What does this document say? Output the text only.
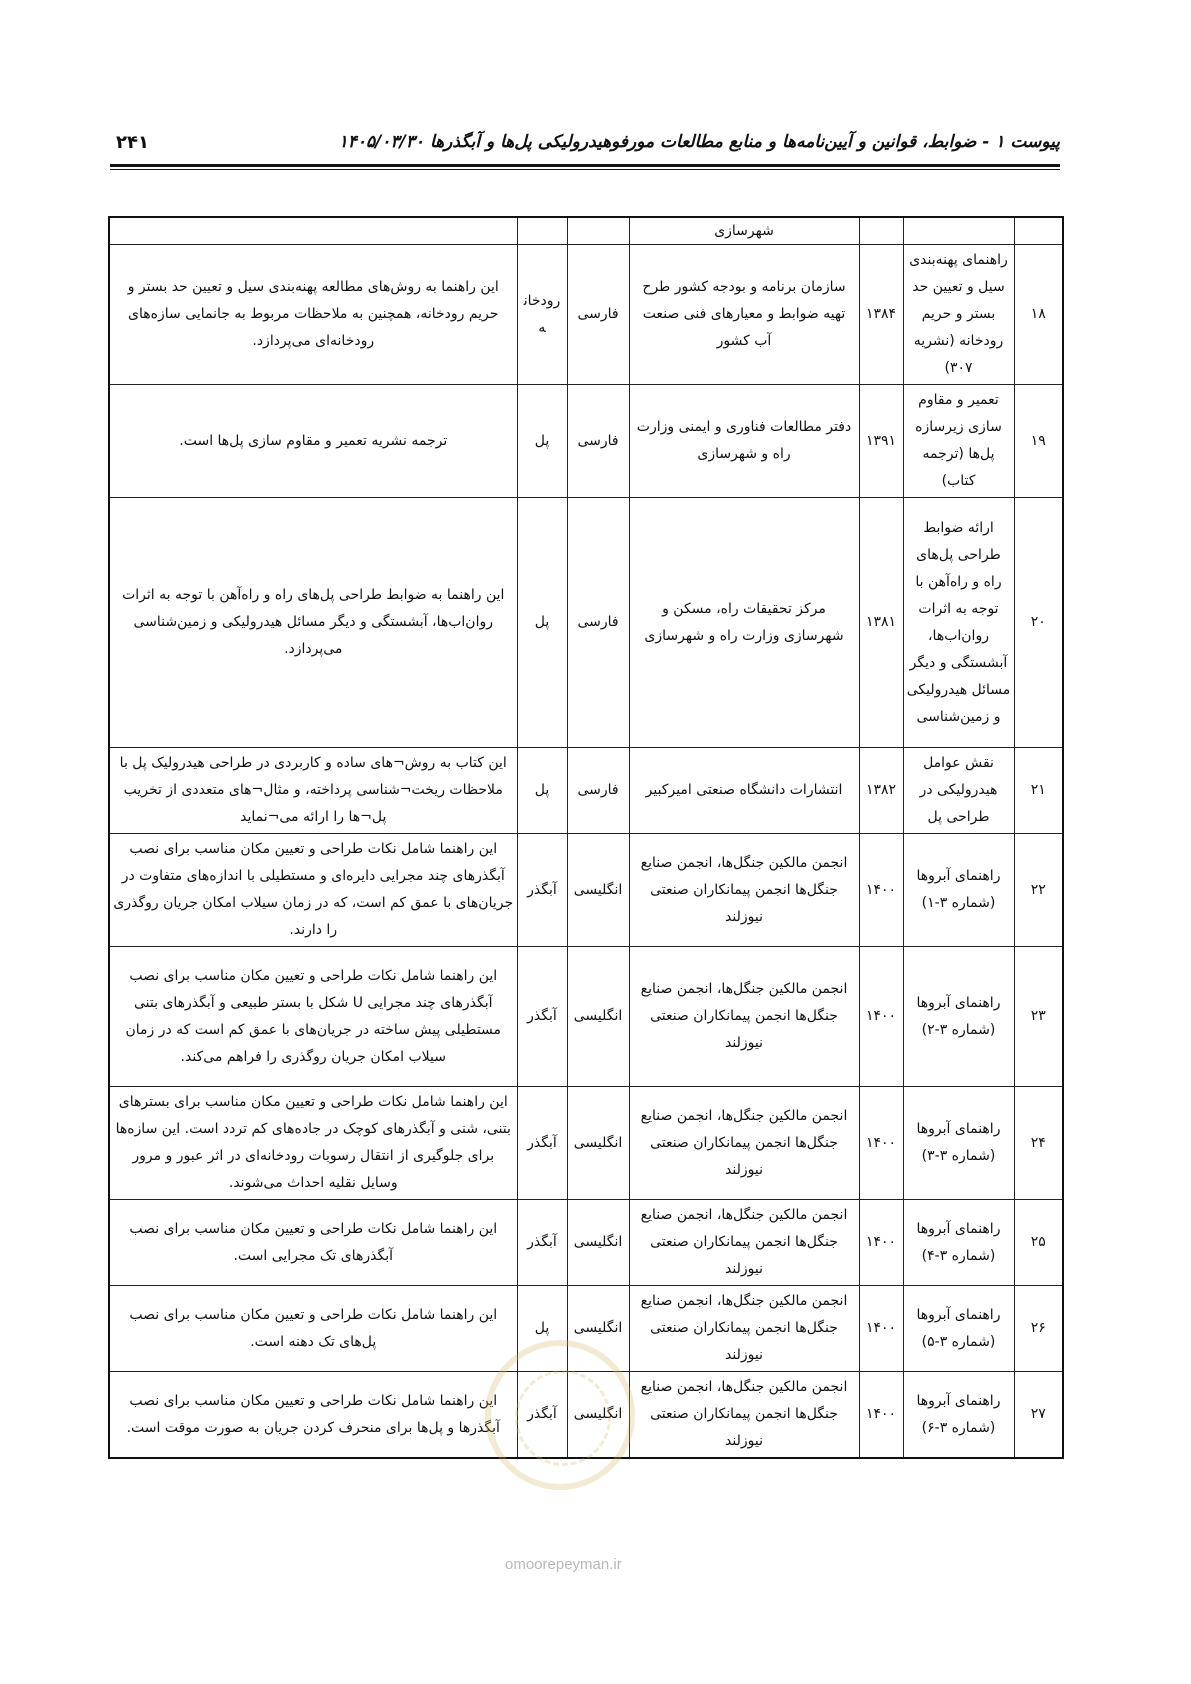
پیوست ۱ - ضوابط، قوانین و آیین‌نامه‌ها و منابع مطالعات مورفوهیدرولیکی پل‌ها و آبگذرها ۱۴۰۵/۰۳/۳۰
۲۴۱
			شهرسازی			
۱۸	راهنمای پهنه‌بندی سیل و تعیین حد بستر و حریم رودخانه (نشریه ۳۰۷)	۱۳۸۴	سازمان برنامه و بودجه کشور طرح تهیه ضوابط و معیارهای فنی صنعت آب کشور	فارسی	رودخانه	این راهنما به روش‌های مطالعه پهنه‌بندی سیل و تعیین حد بستر و حریم رودخانه، همچنین به ملاحظات مربوط به جانمایی سازه‌های رودخانه‌ای می‌پردازد.
۱۹	تعمیر و مقاوم سازی زیرسازه پل‌ها (ترجمه کتاب)	۱۳۹۱	دفتر مطالعات فناوری و ایمنی وزارت راه و شهرسازی	فارسی	پل	ترجمه نشریه تعمیر و مقاوم سازی پل‌ها است.
۲۰	ارائه ضوابط طراحی پل‌های راه و راه‌آهن با توجه به اثرات روان‌اب‌ها، آبشستگی و دیگر مسائل هیدرولیکی و زمین‌شناسی	۱۳۸۱	مرکز تحقیقات راه، مسکن و شهرسازی وزارت راه و شهرسازی	فارسی	پل	این راهنما به ضوابط طراحی پل‌های راه و راه‌آهن با توجه به اثرات روان‌اب‌ها، آبشستگی و دیگر مسائل هیدرولیکی و زمین‌شناسی می‌پردازد.
۲۱	نقش عوامل هیدرولیکی در طراحی پل	۱۳۸۲	انتشارات دانشگاه صنعتی امیرکبیر	فارسی	پل	این کتاب به روش¬های ساده و کاربردی در طراحی هیدرولیک پل با ملاحظات ریخت¬شناسی پرداخته، و مثال¬های متعددی از تخریب پل¬ها را ارائه می¬نماید
۲۲	راهنمای آبروها (شماره ۳-۱)	۱۴۰۰	انجمن مالکین جنگل‌ها، انجمن صنایع جنگل‌ها انجمن پیمانکاران صنعتی نیوزلند	انگلیسی	آبگذر	این راهنما شامل نکات طراحی و تعیین مکان مناسب برای نصب آبگذرهای چند مجرایی دایره‌ای و مستطیلی با اندازه‌های متفاوت در جریان‌های با عمق کم است، که در زمان سیلاب امکان جریان روگذری را دارند.
۲۳	راهنمای آبروها (شماره ۳-۲)	۱۴۰۰	انجمن مالکین جنگل‌ها، انجمن صنایع جنگل‌ها انجمن پیمانکاران صنعتی نیوزلند	انگلیسی	آبگذر	این راهنما شامل نکات طراحی و تعیین مکان مناسب برای نصب آبگذرهای چند مجرایی U شکل با بستر طبیعی و آبگذرهای بتنی مستطیلی پیش ساخته در جریان‌های با عمق کم است که در زمان سیلاب امکان جریان روگذری را فراهم می‌کند.
۲۴	راهنمای آبروها (شماره ۳-۳)	۱۴۰۰	انجمن مالکین جنگل‌ها، انجمن صنایع جنگل‌ها انجمن پیمانکاران صنعتی نیوزلند	انگلیسی	آبگذر	این راهنما شامل نکات طراحی و تعیین مکان مناسب برای بسترهای بتنی، شنی و آبگذرهای کوچک در جاده‌های کم تردد است. این سازه‌ها برای جلوگیری از انتقال رسوبات رودخانه‌ای در اثر عبور و مرور وسایل نقلیه احداث می‌شوند.
۲۵	راهنمای آبروها (شماره ۳-۴)	۱۴۰۰	انجمن مالکین جنگل‌ها، انجمن صنایع جنگل‌ها انجمن پیمانکاران صنعتی نیوزلند	انگلیسی	آبگذر	این راهنما شامل نکات طراحی و تعیین مکان مناسب برای نصب آبگذرهای تک مجرایی است.
۲۶	راهنمای آبروها (شماره ۳-۵)	۱۴۰۰	انجمن مالکین جنگل‌ها، انجمن صنایع جنگل‌ها انجمن پیمانکاران صنعتی نیوزلند	انگلیسی	پل	این راهنما شامل نکات طراحی و تعیین مکان مناسب برای نصب پل‌های تک دهنه است.
۲۷	راهنمای آبروها (شماره ۳-۶)	۱۴۰۰	انجمن مالکین جنگل‌ها، انجمن صنایع جنگل‌ها انجمن پیمانکاران صنعتی نیوزلند	انگلیسی	آبگذر	این راهنما شامل نکات طراحی و تعیین مکان مناسب برای نصب آبگذرها و پل‌ها برای منحرف کردن جریان به صورت موقت است.
omoorepeyman.ir
